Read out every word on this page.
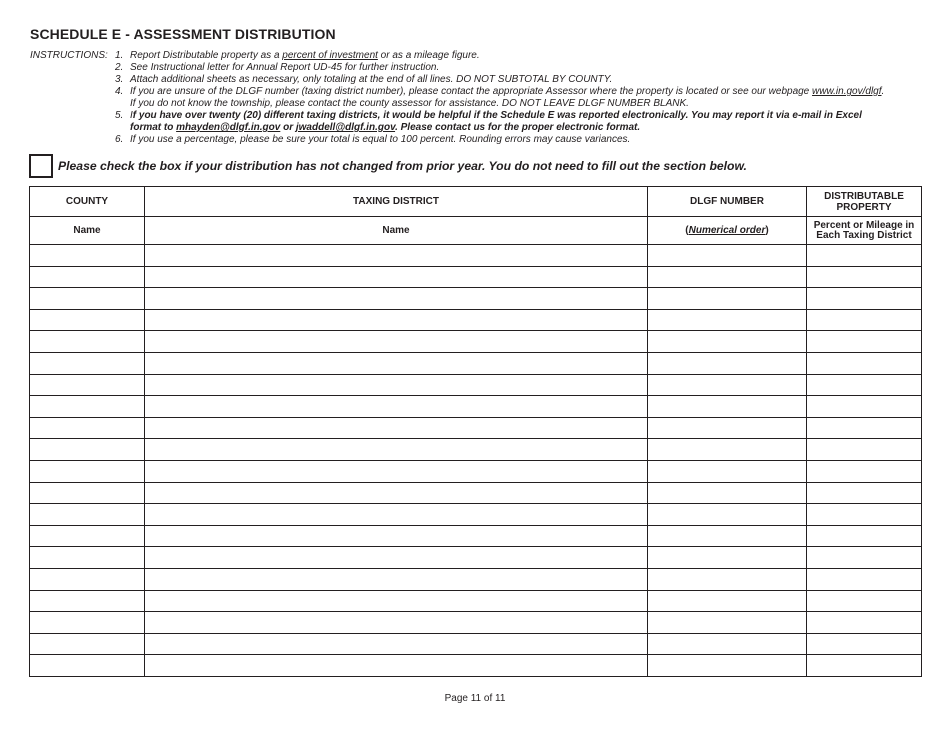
SCHEDULE E - ASSESSMENT DISTRIBUTION
INSTRUCTIONS: 1. Report Distributable property as a percent of investment or as a mileage figure.
2. See Instructional letter for Annual Report UD-45 for further instruction.
3. Attach additional sheets as necessary, only totaling at the end of all lines. DO NOT SUBTOTAL BY COUNTY.
4. If you are unsure of the DLGF number (taxing district number), please contact the appropriate Assessor where the property is located or see our webpage www.in.gov/dlgf.
If you do not know the township, please contact the county assessor for assistance. DO NOT LEAVE DLGF NUMBER BLANK.
5. If you have over twenty (20) different taxing districts, it would be helpful if the Schedule E was reported electronically. You may report it via e-mail in Excel
format to mhayden@dlgf.in.gov or jwaddell@dlgf.in.gov. Please contact us for the proper electronic format.
6. If you use a percentage, please be sure your total is equal to 100 percent. Rounding errors may cause variances.
Please check the box if your distribution has not changed from prior year. You do not need to fill out the section below.
COUNTY	TAXING DISTRICT	DLGF NUMBER	DISTRIBUTABLE PROPERTY
Name	Name	(Numerical order)	Percent or Mileage in Each Taxing District

Page 11 of 11
